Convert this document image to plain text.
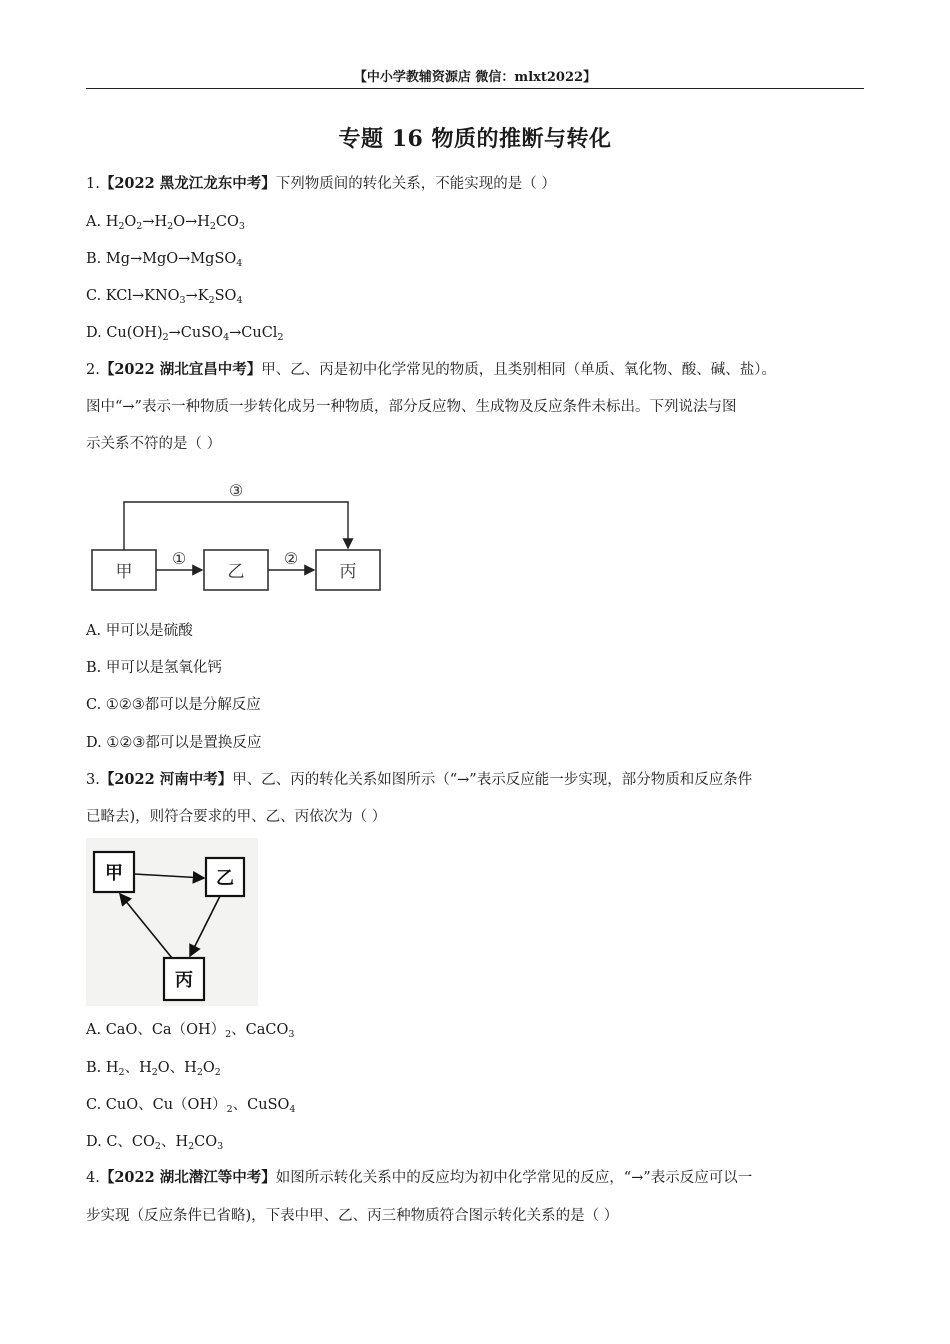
【中小学教辅资源店 微信：mlxt2022】
专题 16 物质的推断与转化
1.【2022 黑龙江龙东中考】下列物质间的转化关系，不能实现的是（ ）
A. $H_2O_2\to H_2O\to H_2CO_3$
B. Mg→MgO→MgSO$_4$
C. $KCl\to KNO_3\to K_2SO_4$
D. $Cu(OH)_2\to CuSO_4\to CuCl_2$
2.【2022 湖北宜昌中考】甲、乙、丙是初中化学常见的物质，且类别相同（单质、氧化物、酸、碱、盐）。
图中“→”表示一种物质一步转化成另一种物质，部分反应物、生成物及反应条件未标出。下列说法与图
示关系不符的是（ ）
甲	乙	丙
①	②
③
A. 甲可以是硫酸
B. 甲可以是氢氧化钙
C. ①②③都可以是分解反应
D. ①②③都可以是置换反应
3.【2022 河南中考】甲、乙、丙的转化关系如图所示（“→”表示反应能一步实现，部分物质和反应条件
已略去)，则符合要求的甲、乙、丙依次为（ ）
甲	乙
丙
A. CaO、$Ca(OH)_2$、CaCO$_3$
B. $H_2$、$H_2O$、$H_2O_2$
C. CuO、$Cu(OH)_2$、CuSO$_4$
D. C、$CO_2$、$H_2CO_3$
4.【2022 湖北潜江等中考】如图所示转化关系中的反应均为初中化学常见的反应，“→”表示反应可以一
步实现（反应条件已省略)，下表中甲、乙、丙三种物质符合图示转化关系的是（ ）
